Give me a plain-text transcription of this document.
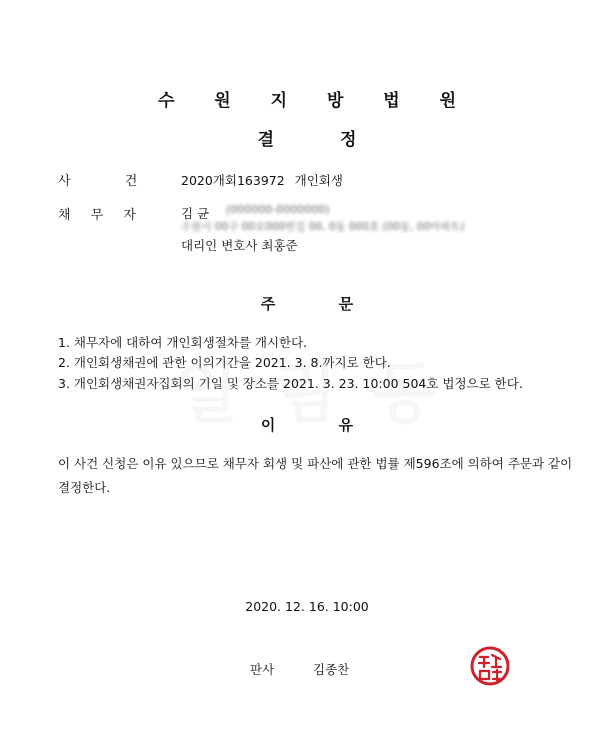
수 원 지 방 법 원
결 정
사 건	2020개회163972 개인회생
채 무 자	김 균 (000000-0000000)
수원시 00구 00로000번길 00, 0동 000호 (00동, 00아파트)
대리인 변호사 최홍준
주 문
1. 채무자에 대하여 개인회생절차를 개시한다.
2. 개인회생채권에 관한 이의기간을 2021. 3. 8.까지로 한다.
3. 개인회생채권자집회의 기일 및 장소를 2021. 3. 23. 10:00 504호 법정으로 한다.
이 유
이 사건 신청은 이유 있으므로 채무자 회생 및 파산에 관한 법률 제596조에 의하여 주문과 같이 결정한다.
2020. 12. 16. 10:00
판사	김종찬
